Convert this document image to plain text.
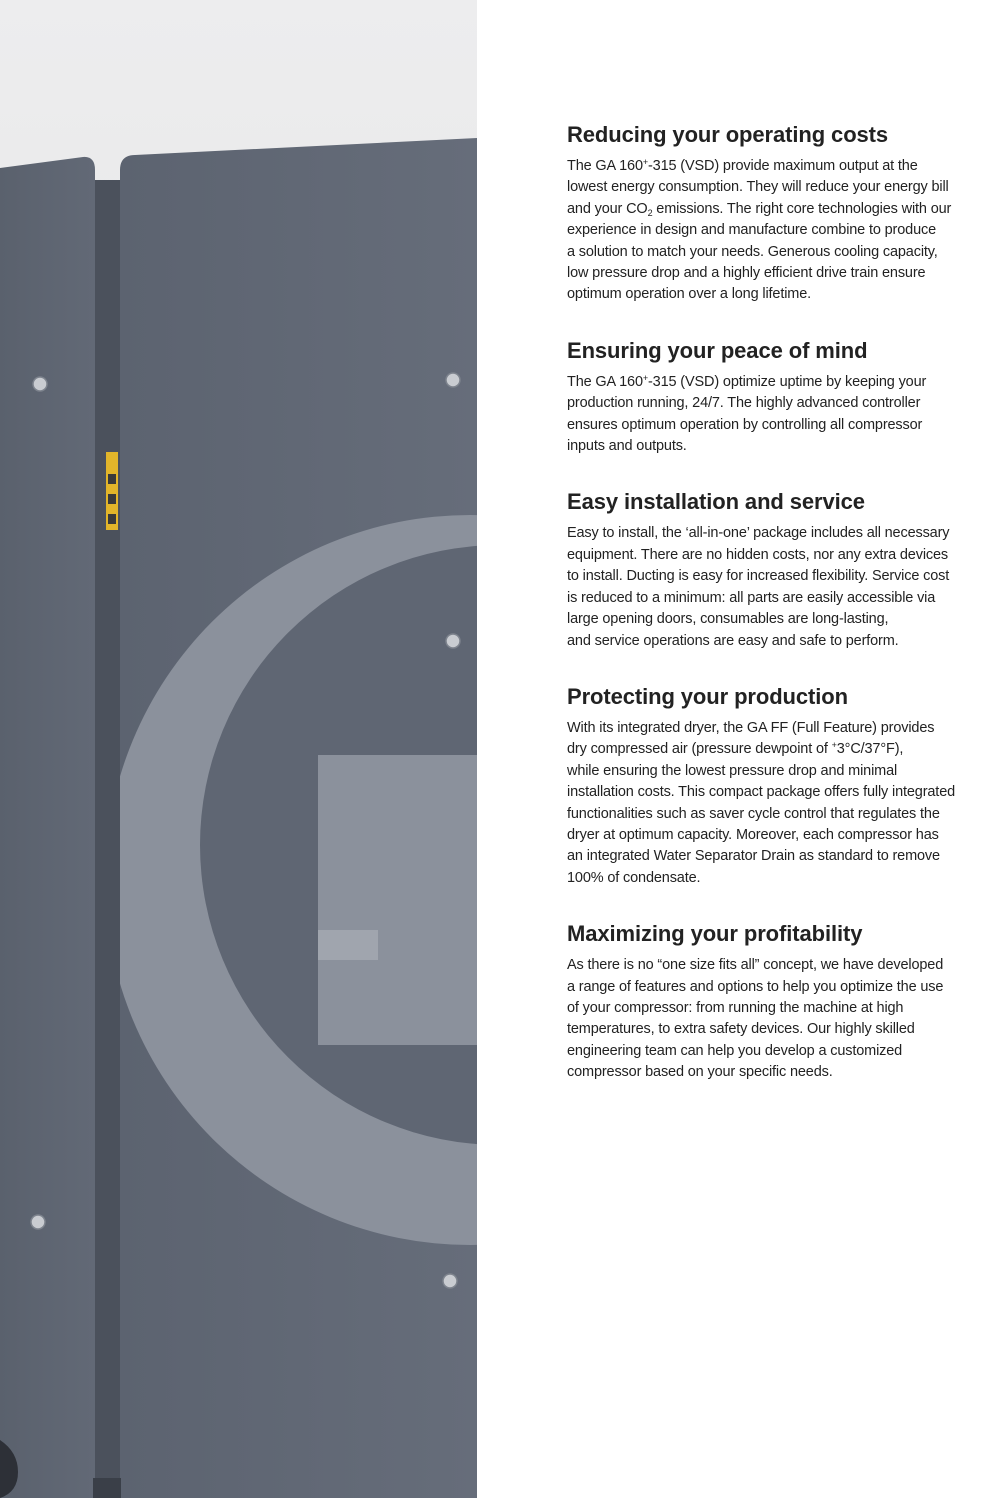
Reducing your operating costs

The GA 160+-315 (VSD) provide maximum output at the
lowest energy consumption. They will reduce your energy bill
and your $CO_2$ emissions. The right core technologies with our
experience in design and manufacture combine to produce
a solution to match your needs. Generous cooling capacity,
low pressure drop and a highly efficient drive train ensure
optimum operation over a long lifetime.

Ensuring your peace of mind

The GA 160+-315 (VSD) optimize uptime by keeping your
production running, 24/7. The highly advanced controller
ensures optimum operation by controlling all compressor
inputs and outputs.

Easy installation and service

Easy to install, the ‘all-in-one’ package includes all necessary
equipment. There are no hidden costs, nor any extra devices
to install. Ducting is easy for increased flexibility. Service cost
is reduced to a minimum: all parts are easily accessible via
large opening doors, consumables are long-lasting,
and service operations are easy and safe to perform.

Protecting your production

With its integrated dryer, the GA FF (Full Feature) provides
dry compressed air (pressure dewpoint of +3°C/37°F),
while ensuring the lowest pressure drop and minimal
installation costs. This compact package offers fully integrated
functionalities such as saver cycle control that regulates the
dryer at optimum capacity. Moreover, each compressor has
an integrated Water Separator Drain as standard to remove
100% of condensate.

Maximizing your profitability

As there is no “one size fits all” concept, we have developed
a range of features and options to help you optimize the use
of your compressor: from running the machine at high
temperatures, to extra safety devices. Our highly skilled
engineering team can help you develop a customized
compressor based on your specific needs.
